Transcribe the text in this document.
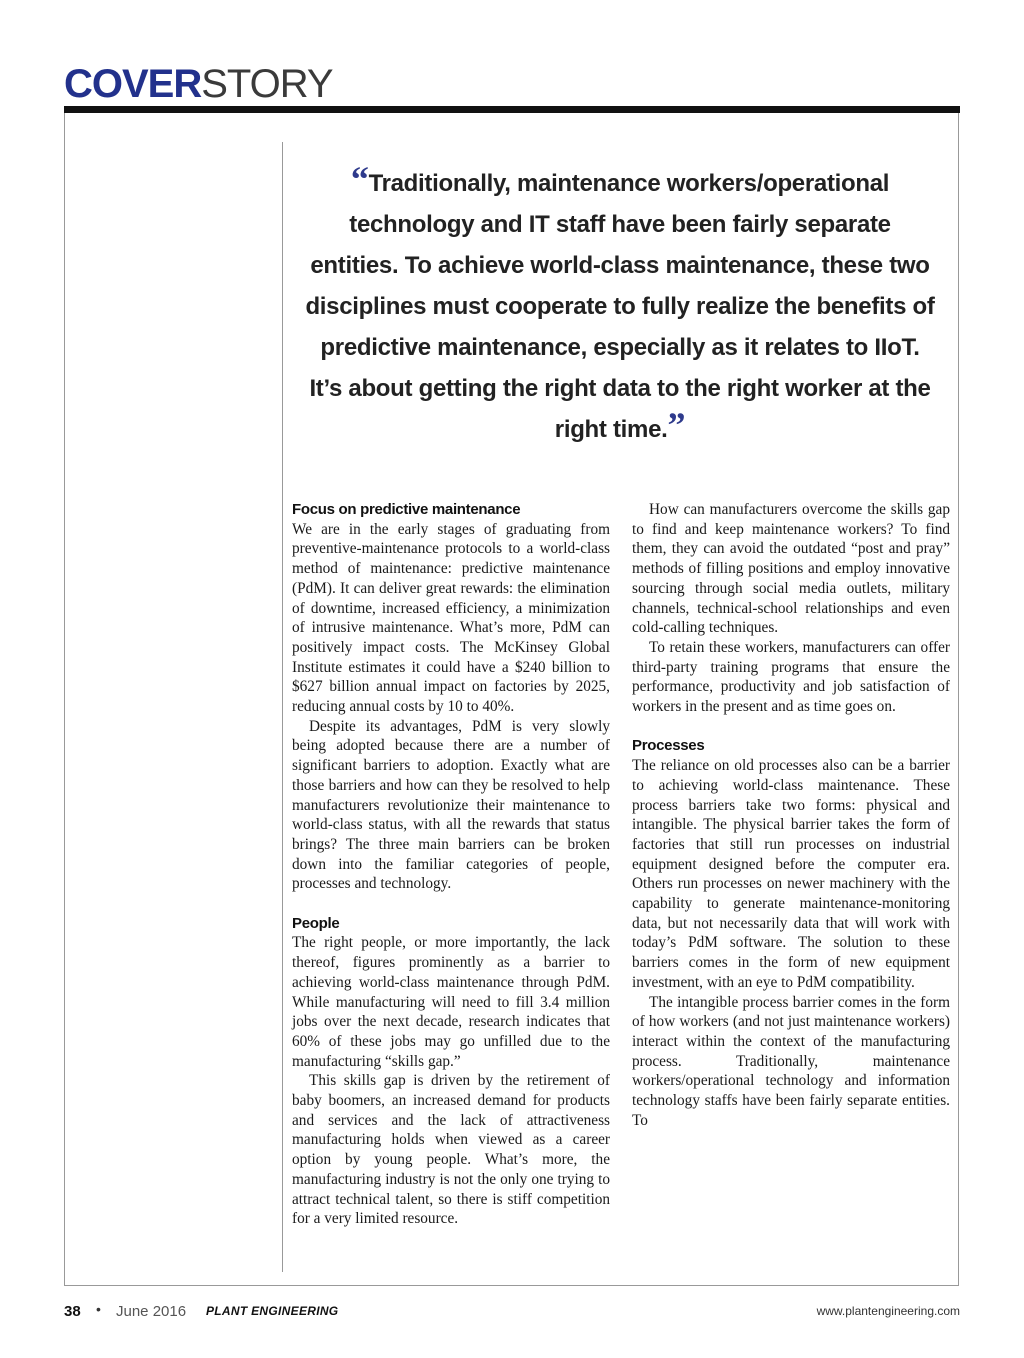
COVERSTORY
“Traditionally, maintenance workers/operational technology and IT staff have been fairly separate entities. To achieve world-class maintenance, these two disciplines must cooperate to fully realize the benefits of predictive maintenance, especially as it relates to IIoT. It’s about getting the right data to the right worker at the right time.”
Focus on predictive maintenance

We are in the early stages of graduating from preventive-maintenance protocols to a world-class method of maintenance: predictive maintenance (PdM). It can deliver great rewards: the elimination of downtime, increased efficiency, a minimization of intrusive maintenance. What’s more, PdM can positively impact costs. The McKinsey Global Institute estimates it could have a $240 billion to $627 billion annual impact on factories by 2025, reducing annual costs by 10 to 40%.

Despite its advantages, PdM is very slowly being adopted because there are a number of significant barriers to adoption. Exactly what are those barriers and how can they be resolved to help manufacturers revolutionize their maintenance to world-class status, with all the rewards that status brings? The three main barriers can be broken down into the familiar categories of people, processes and technology.

People

The right people, or more importantly, the lack thereof, figures prominently as a barrier to achieving world-class maintenance through PdM. While manufacturing will need to fill 3.4 million jobs over the next decade, research indicates that 60% of these jobs may go unfilled due to the manufacturing “skills gap.”

This skills gap is driven by the retirement of baby boomers, an increased demand for products and services and the lack of attractiveness manufacturing holds when viewed as a career option by young people. What’s more, the manufacturing industry is not the only one trying to attract technical talent, so there is stiff competition for a very limited resource.

How can manufacturers overcome the skills gap to find and keep maintenance workers? To find them, they can avoid the outdated “post and pray” methods of filling positions and employ innovative sourcing through social media outlets, military channels, technical-school relationships and even cold-calling techniques.

To retain these workers, manufacturers can offer third-party training programs that ensure the performance, productivity and job satisfaction of workers in the present and as time goes on.

Processes

The reliance on old processes also can be a barrier to achieving world-class maintenance. These process barriers take two forms: physical and intangible. The physical barrier takes the form of factories that still run processes on industrial equipment designed before the computer era. Others run processes on newer machinery with the capability to generate maintenance-monitoring data, but not necessarily data that will work with today’s PdM software. The solution to these barriers comes in the form of new equipment investment, with an eye to PdM compatibility.

The intangible process barrier comes in the form of how workers (and not just maintenance workers) interact within the context of the manufacturing process. Traditionally, maintenance workers/operational technology and information technology staffs have been fairly separate entities. To

38 • June 2016 PLANT ENGINEERING	www.plantengineering.com
